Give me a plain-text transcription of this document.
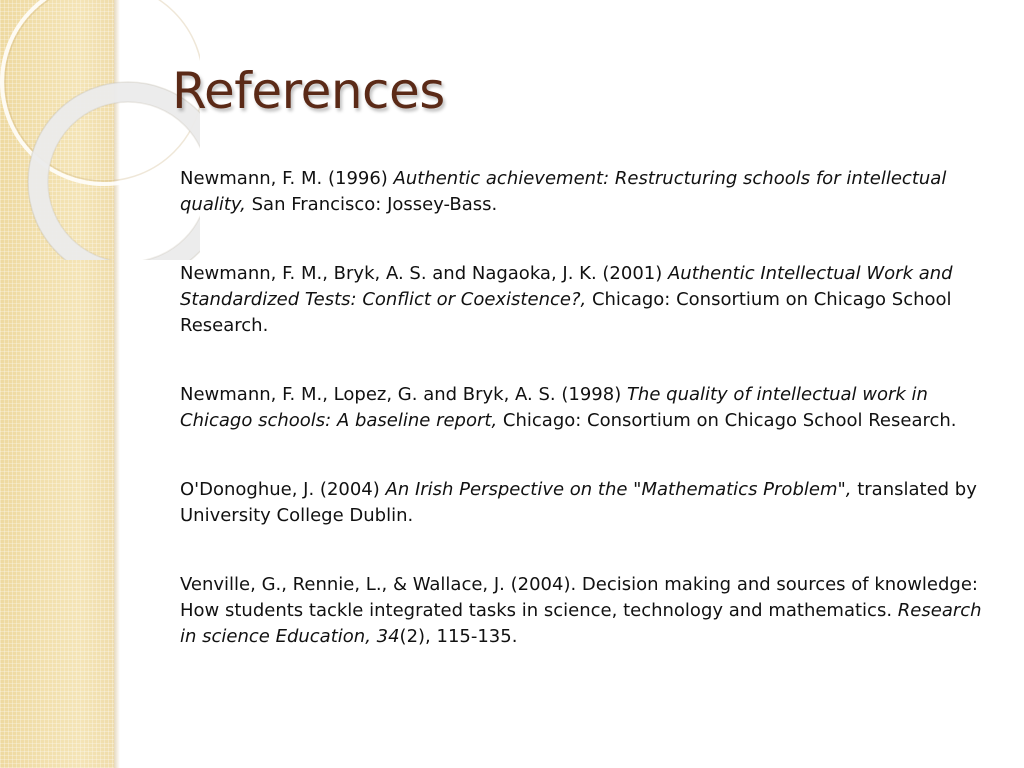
References
Newmann, F. M. (1996) Authentic achievement: Restructuring schools for intellectual quality, San Francisco: Jossey-Bass.
Newmann, F. M., Bryk, A. S. and Nagaoka, J. K. (2001) Authentic Intellectual Work and Standardized Tests: Conflict or Coexistence?, Chicago: Consortium on Chicago School Research.
Newmann, F. M., Lopez, G. and Bryk, A. S. (1998) The quality of intellectual work in Chicago schools: A baseline report, Chicago: Consortium on Chicago School Research.
O'Donoghue, J. (2004) An Irish Perspective on the "Mathematics Problem", translated by University College Dublin.
Venville, G., Rennie, L., & Wallace, J. (2004). Decision making and sources of knowledge: How students tackle integrated tasks in science, technology and mathematics. Research in science Education, 34(2), 115-135.
